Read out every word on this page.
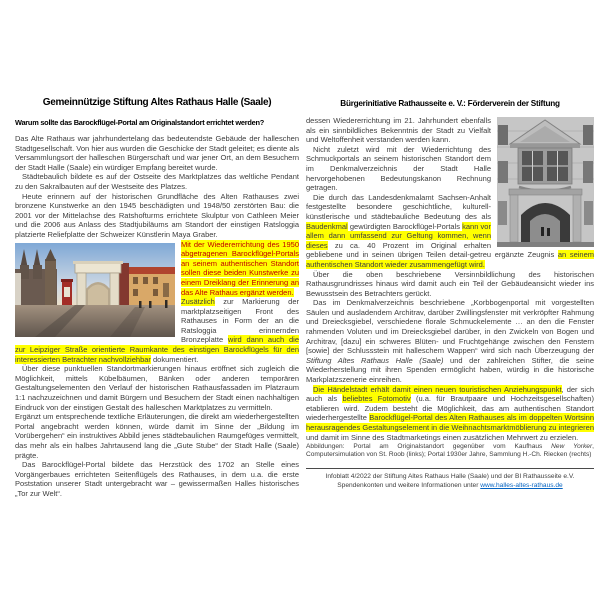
Gemeinnützige Stiftung Altes Rathaus Halle (Saale)
Warum sollte das Barockflügel-Portal am Originalstandort errichtet werden?

Das Alte Rathaus war jahrhundertelang das bedeutendste Gebäude der halleschen Stadtgesellschaft. Von hier aus wurden die Geschicke der Stadt geleitet; es diente als Versammlungsort der halleschen Bürgerschaft und war jener Ort, an dem Besuchern der Stadt Halle (Saale) ein würdiger Empfang bereitet wurde.

Städtebaulich bildete es auf der Ostseite des Marktplatzes das weltliche Pendant zu den Sakralbauten auf der Westseite des Platzes.

Heute erinnern auf der historischen Grundfläche des Alten Rathauses zwei bronzene Kunstwerke an den 1945 beschädigten und 1948/50 zerstörten Bau: die 2001 vor der Mittelachse des Ratshofturms errichtete Skulptur von Cathleen Meier und die 2006 aus Anlass des Stadtjubiläums am Standort der einstigen Ratsloggia platzierte Reliefplatte der Schweizer Künstlerin Maya Graber.

Mit der Wiedererrichtung des 1950 abgetragenen Barockflügel-Portals an seinem authentischen Standort sollen diese beiden Kunstwerke zu einem Dreiklang der Erinnerung an das Alte Rathaus ergänzt werden.

Zusätzlich zur Markierung der marktplatzseitigen Front des Rathauses in Form der an die Ratsloggia erinnernden Bronzeplatte wird dann auch die zur Leipziger Straße orientierte Raumkante des einstigen Barockflügels für den interessierten Betrachter nachvollziehbar dokumentiert.

Über diese punktuellen Standortmarkierungen hinaus eröffnet sich zugleich die Möglichkeit, mittels Kübelbäumen, Bänken oder anderen temporären Gestaltungselementen den Verlauf der historischen Rathausfassaden im Platzraum 1:1 nachzuzeichnen und damit Bürgern und Besuchern der Stadt einen nachhaltigen Eindruck von der einstigen Gestalt des halleschen Marktplatzes zu vermitteln.

Ergänzt um entsprechende textliche Erläuterungen, die direkt am wiederhergestellten Portal angebracht werden können, würde damit im Sinne der „Bildung im Vorübergehen“ ein instruktives Abbild jenes städtebaulichen Raumgefüges vermittelt, das mehr als ein halbes Jahrtausend lang die „Gute Stube“ der Stadt Halle (Saale) prägte.

Das Barockflügel-Portal bildete das Herzstück des 1702 an Stelle eines Vorgängerbaues errichteten Seitenflügels des Rathauses, in dem u.a. die erste Poststation unserer Stadt untergebracht war – gewissermaßen Halles historisches „Tor zur Welt“.

Bürgerinitiative Rathausseite e. V.: Förderverein der Stiftung

dessen Wiedererrichtung im 21. Jahrhundert ebenfalls als ein sinnbildliches Bekenntnis der Stadt zu Vielfalt und Weltoffenheit verstanden werden kann.

Nicht zuletzt wird mit der Wiederrichtung des Schmuckportals an seinem historischen Standort dem im Denkmalverzeichnis der Stadt Halle hervorgehobenen Bedeutungskanon Rechnung getragen.

Die durch das Landesdenkmalamt Sachsen-Anhalt festgestellte besondere geschichtliche, kulturell-künstlerische und städtebauliche Bedeutung des als Baudenkmal gewürdigten Barockflügel-Portals kann vor allem dann umfassend zur Geltung kommen, wenn dieses zu ca. 40 Prozent im Original erhalten gebliebene und in seinen übrigen Teilen detail-getreu ergänzte Zeugnis an seinem authentischen Standort wieder zusammengefügt wird.

Über die oben beschriebene Versinnbildlichung des historischen Rathausgrundrisses hinaus wird damit auch ein Teil der Gebäudeansicht wieder ins Bewusstsein des Betrachters gerückt.

Das im Denkmalverzeichnis beschriebene „Korbbogenportal mit vorgestellten Säulen und ausladendem Architrav, darüber Zwillingsfenster mit verkröpfter Rahmung und Dreiecksgiebel, verschiedene florale Schmuckelemente … an den die Fenster rahmenden Voluten und im Dreiecksgiebel darüber, in den Zwickeln von Bogen und Architrav, [dazu] ein schweres Blüten- und Fruchtgehänge zwischen den Fenstern [sowie] der Schlussstein mit halleschem Wappen“ wird sich nach Überzeugung der Stiftung Altes Rathaus Halle (Saale) und der zahlreichen Stifter, die seine Wiederherstellung mit ihren Spenden ermöglicht haben, würdig in die historische Markplatzszenerie einreihen.

Die Händelstadt erhält damit einen neuen touristischen Anziehungspunkt, der sich auch als beliebtes Fotomotiv (u.a. für Brautpaare und Hochzeitsgesellschaften) etablieren wird. Zudem besteht die Möglichkeit, das am authentischen Standort wiederhergestellte Barockflügel-Portal des Alten Rathauses als im doppelten Wortsinn herausragendes Gestaltungselement in die Weihnachtsmarktmöblierung zu integrieren und damit im Sinne des Stadtmarketings einen zusätzlichen Mehrwert zu erzielen.

Abbildungen: Portal am Originalstandort gegenüber vom Kaufhaus New Yorker, Computersimulation von St. Roob (links); Portal 1930er Jahre, Sammlung H.-Ch. Riecken (rechts)

Infoblatt 4/2022 der Stiftung Altes Rathaus Halle (Saale) und der BI Rathausseite e.V.
Spendenkonten und weitere Informationen unter www.halles-altes-rathaus.de
